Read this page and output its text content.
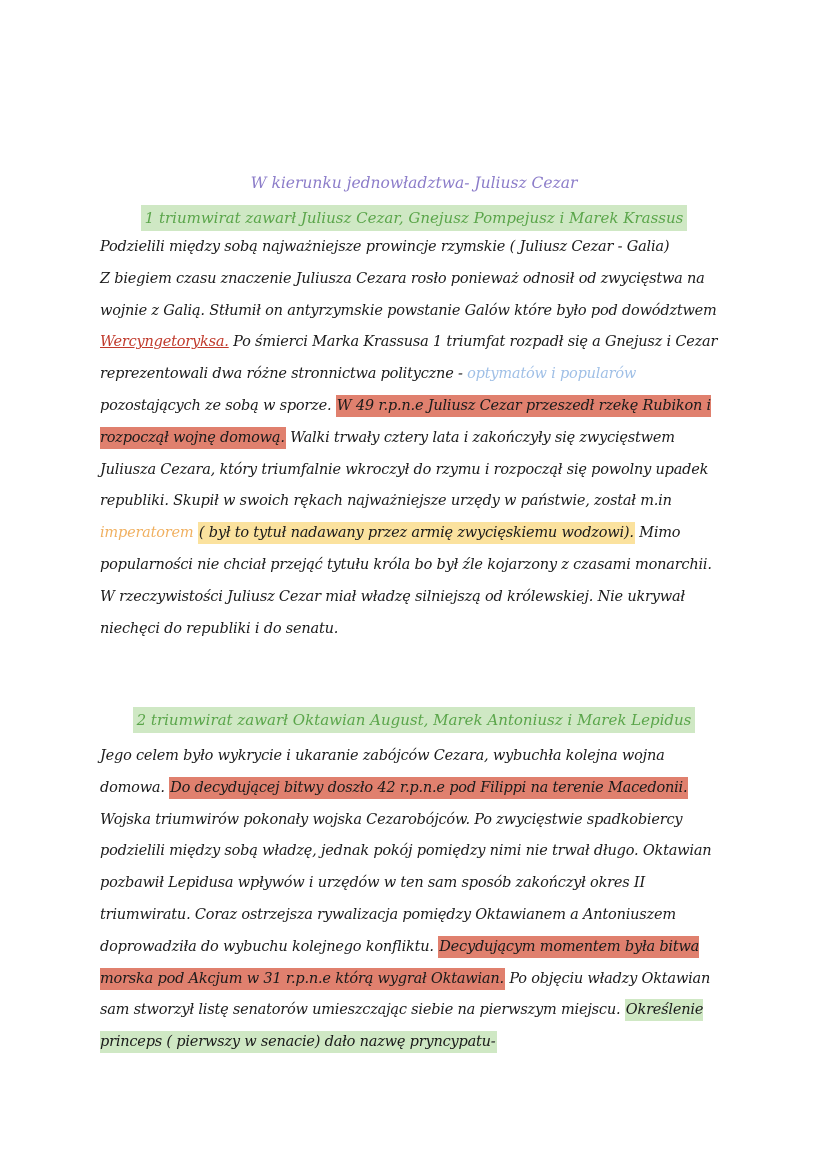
W kierunku jednowładztwa- Juliusz Cezar
1 triumwirat zawarł Juliusz Cezar, Gnejusz Pompejusz i Marek Krassus
Podzielili między sobą najważniejsze prowincje rzymskie ( Juliusz Cezar - Galia)
Z biegiem czasu znaczenie Juliusza Cezara rosło ponieważ odnosił od zwycięstwa na wojnie z Galią. Stłumił on antyrzymskie powstanie Galów które było pod dowództwem Wercyngetoryksa. Po śmierci Marka Krassusa 1 triumfat rozpadł się a Gnejusz i Cezar reprezentowali dwa różne stronnictwa polityczne - optymatów i popularów pozostających ze sobą w sporze. W 49 r.p.n.e Juliusz Cezar przeszedł rzekę Rubikon i rozpoczął wojnę domową. Walki trwały cztery lata i zakończyły się zwycięstwem Juliusza Cezara, który triumfalnie wkroczył do rzymu i rozpoczął się powolny upadek republiki. Skupił w swoich rękach najważniejsze urzędy w państwie, został m.in imperatorem ( był to tytuł nadawany przez armię zwycięskiemu wodzowi). Mimo popularności nie chciał przejąć tytułu króla bo był źle kojarzony z czasami monarchii. W rzeczywistości Juliusz Cezar miał władzę silniejszą od królewskiej. Nie ukrywał niechęci do republiki i do senatu.
2 triumwirat zawarł Oktawian August, Marek Antoniusz i Marek Lepidus
Jego celem było wykrycie i ukaranie zabójców Cezara, wybuchła kolejna wojna domowa. Do decydującej bitwy doszło 42 r.p.n.e pod Filippi na terenie Macedonii. Wojska triumwirów pokonały wojska Cezarobójców. Po zwycięstwie spadkobiercy podzielili między sobą władzę, jednak pokój pomiędzy nimi nie trwał długo. Oktawian pozbawił Lepidusa wpływów i urzędów w ten sam sposób zakończył okres II triumwiratu. Coraz ostrzejsza rywalizacja pomiędzy Oktawianem a Antoniuszem doprowadziła do wybuchu kolejnego konfliktu. Decydującym momentem była bitwa morska pod Akcjum w 31 r.p.n.e którą wygrał Oktawian. Po objęciu władzy Oktawian sam stworzył listę senatorów umieszczając siebie na pierwszym miejscu. Określenie princeps ( pierwszy w senacie) dało nazwę pryncypatu-
